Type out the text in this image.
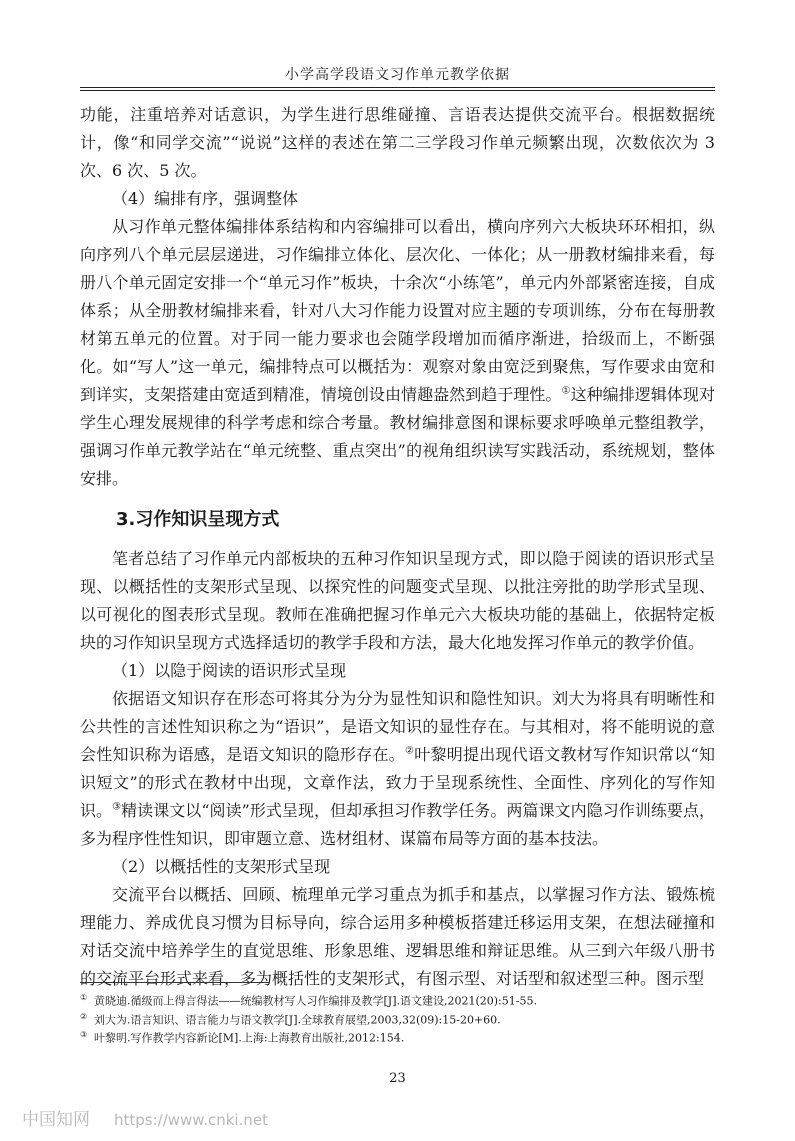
小学高学段语文习作单元教学依据

功能，注重培养对话意识，为学生进行思维碰撞、言语表达提供交流平台。根据数据统计，像“和同学交流”“说说”这样的表述在第二三学段习作单元频繁出现，次数依次为 3 次、6 次、5 次。

（4）编排有序，强调整体

从习作单元整体编排体系结构和内容编排可以看出，横向序列六大板块环环相扣，纵向序列八个单元层层递进，习作编排立体化、层次化、一体化；从一册教材编排来看，每册八个单元固定安排一个“单元习作”板块，十余次“小练笔”，单元内外部紧密连接，自成体系；从全册教材编排来看，针对八大习作能力设置对应主题的专项训练，分布在每册教材第五单元的位置。对于同一能力要求也会随学段增加而循序渐进，拾级而上，不断强化。如“写人”这一单元，编排特点可以概括为：观察对象由宽泛到聚焦，写作要求由宽和到详实，支架搭建由宽适到精准，情境创设由情趣盎然到趋于理性。①这种编排逻辑体现对学生心理发展规律的科学考虑和综合考量。教材编排意图和课标要求呼唤单元整组教学，强调习作单元教学站在“单元统整、重点突出”的视角组织读写实践活动，系统规划，整体安排。

3.习作知识呈现方式

笔者总结了习作单元内部板块的五种习作知识呈现方式，即以隐于阅读的语识形式呈现、以概括性的支架形式呈现、以探究性的问题变式呈现、以批注旁批的助学形式呈现、以可视化的图表形式呈现。教师在准确把握习作单元六大板块功能的基础上，依据特定板块的习作知识呈现方式选择适切的教学手段和方法，最大化地发挥习作单元的教学价值。

（1）以隐于阅读的语识形式呈现

依据语文知识存在形态可将其分为分为显性知识和隐性知识。刘大为将具有明晰性和公共性的言述性知识称之为“语识”，是语文知识的显性存在。与其相对，将不能明说的意会性知识称为语感，是语文知识的隐形存在。②叶黎明提出现代语文教材写作知识常以“知识短文”的形式在教材中出现，文章作法，致力于呈现系统性、全面性、序列化的写作知识。③精读课文以“阅读”形式呈现，但却承担习作教学任务。两篇课文内隐习作训练要点，多为程序性性知识，即审题立意、选材组材、谋篇布局等方面的基本技法。

（2）以概括性的支架形式呈现

交流平台以概括、回顾、梳理单元学习重点为抓手和基点，以掌握习作方法、锻炼梳理能力、养成优良习惯为目标导向，综合运用多种模板搭建迁移运用支架，在想法碰撞和对话交流中培养学生的直觉思维、形象思维、逻辑思维和辩证思维。从三到六年级八册书的交流平台形式来看，多为概括性的支架形式，有图示型、对话型和叙述型三种。图示型

① 黄晓迪.循级而上得言得法——统编教材写人习作编排及教学[J].语文建设,2021(20):51-55.

② 刘大为.语言知识、语言能力与语文教学[J].全球教育展望,2003,32(09):15-20+60.

③ 叶黎明.写作教学内容新论[M].上海:上海教育出版社,2012:154.

23
中国知网 https://www.cnki.net
